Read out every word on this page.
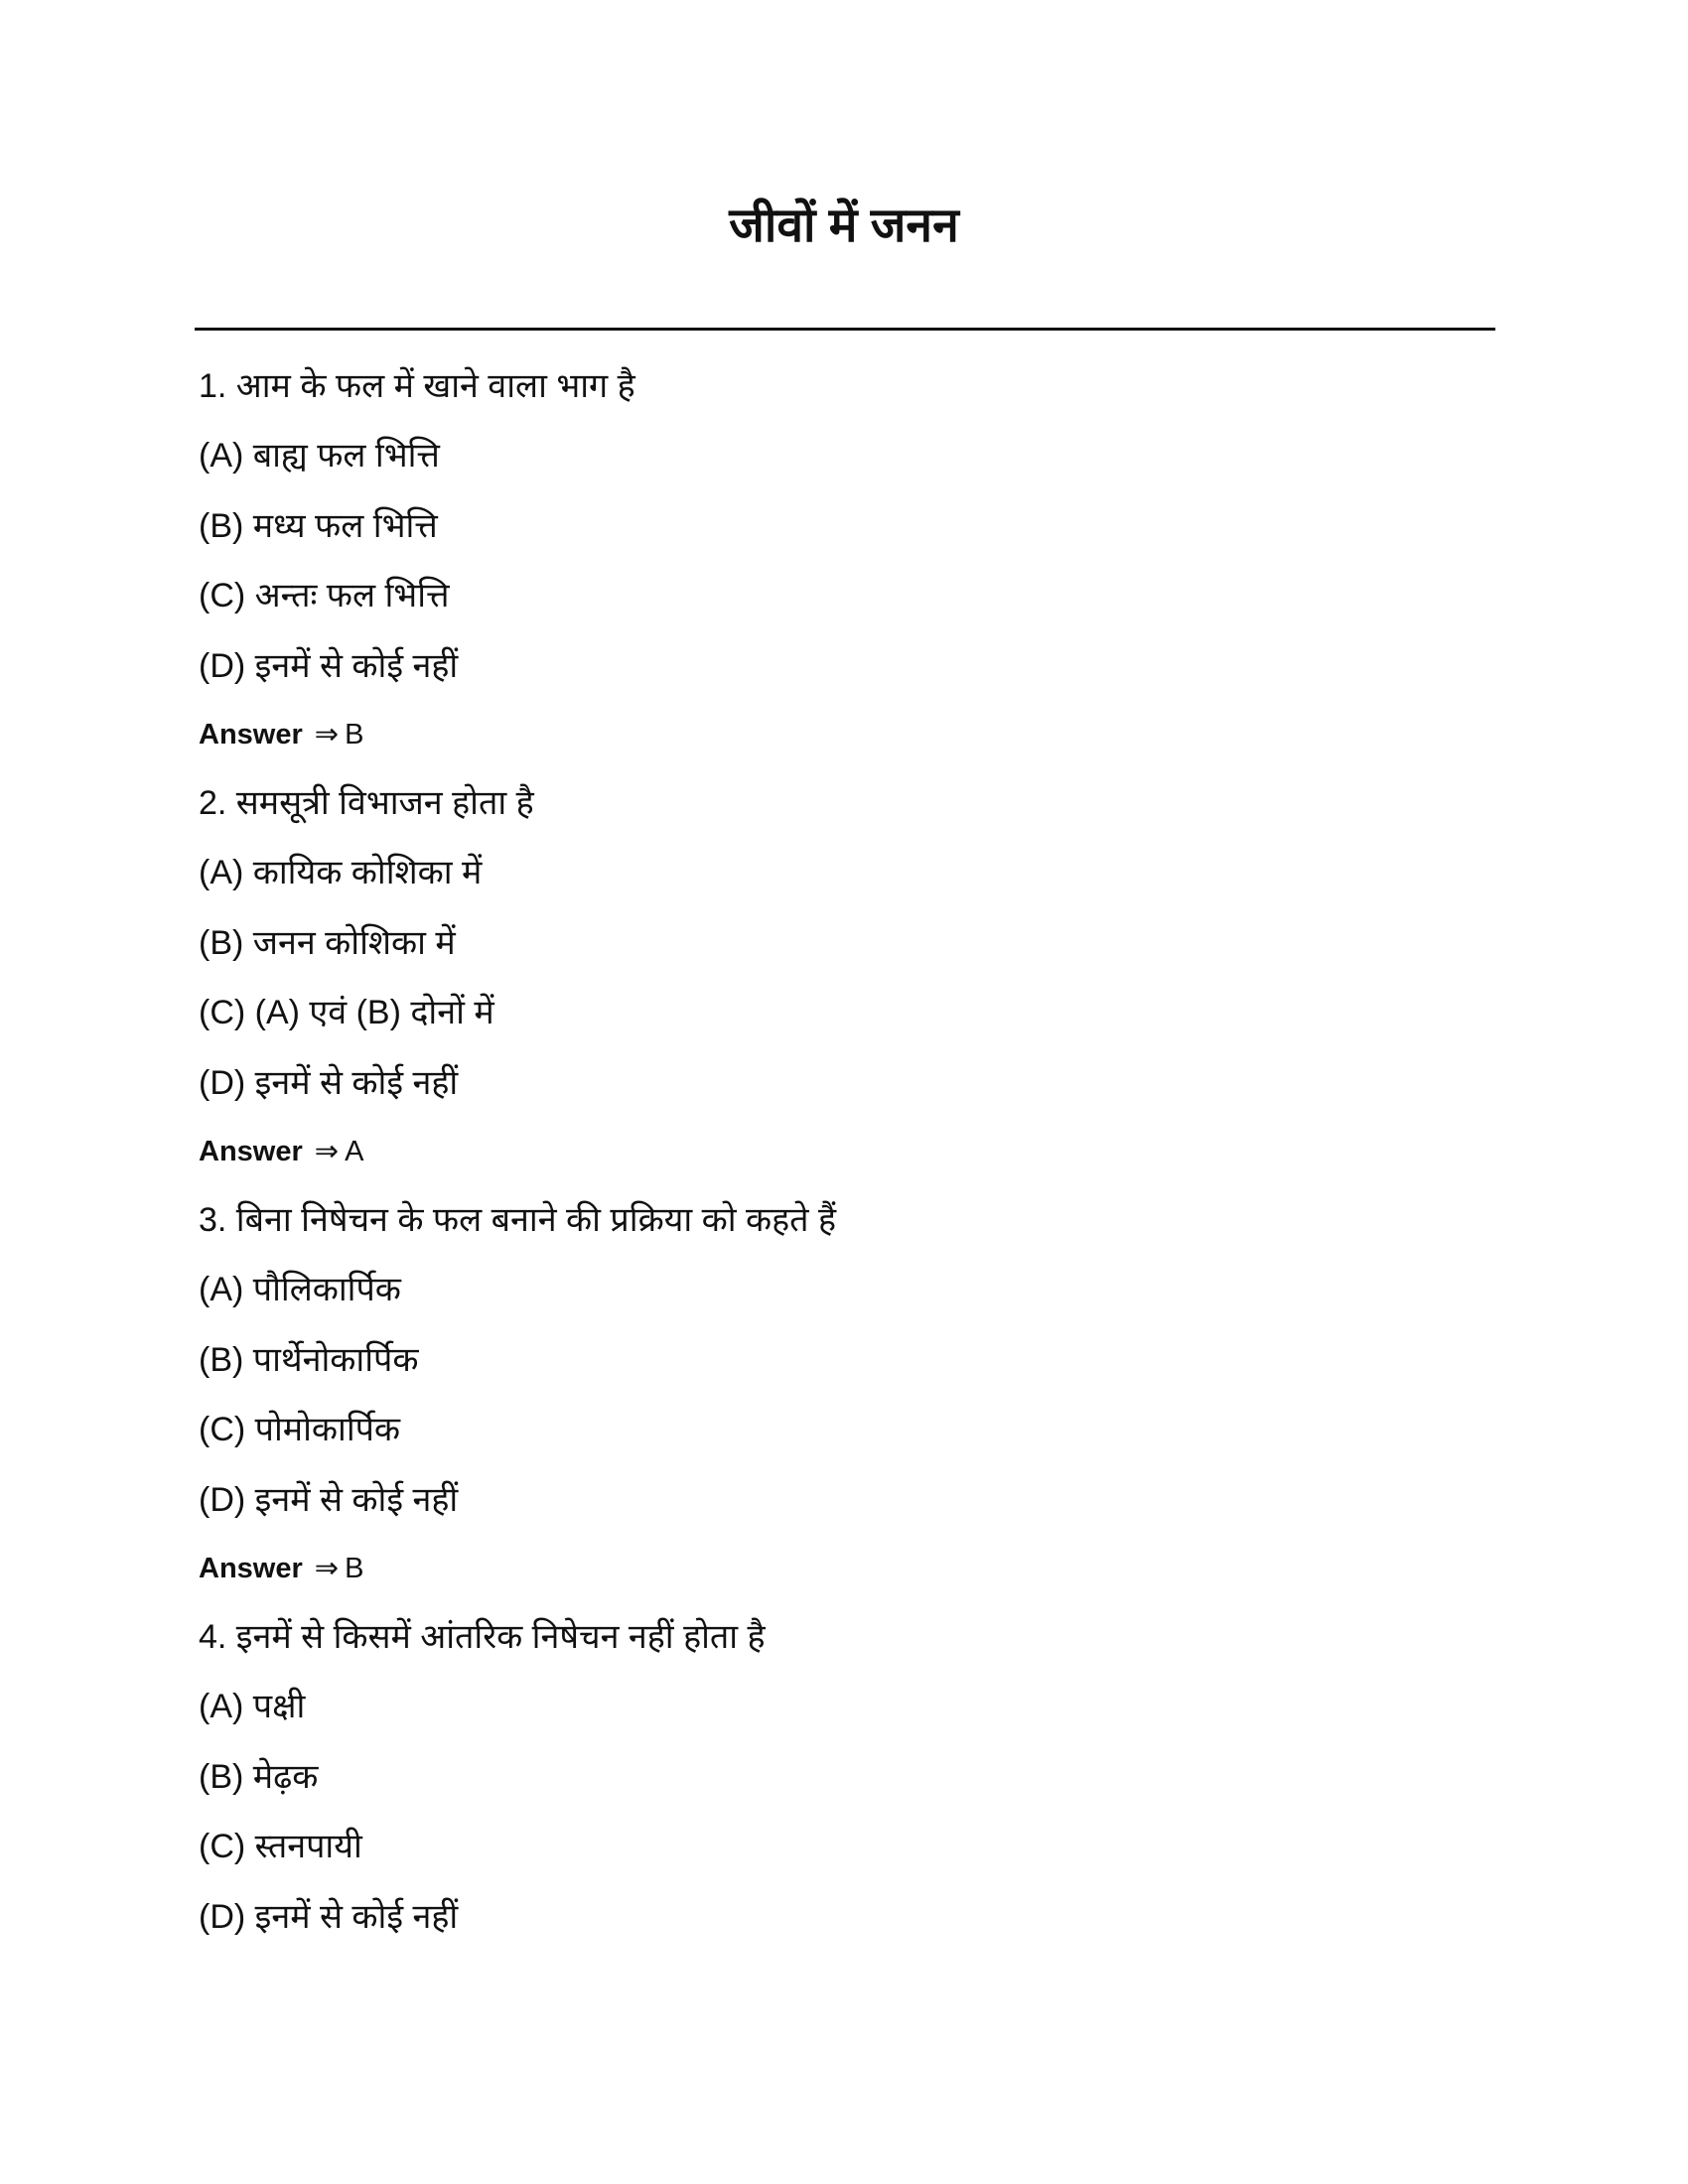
जीवों में जनन
1. आम के फल में खाने वाला भाग है
(A) बाह्य फल भित्ति
(B) मध्य फल भित्ति
(C) अन्तः फल भित्ति
(D) इनमें से कोई नहीं
Answer ⇒ B
2. समसूत्री विभाजन होता है
(A) कायिक कोशिका में
(B) जनन कोशिका में
(C) (A) एवं (B) दोनों में
(D) इनमें से कोई नहीं
Answer ⇒ A
3. बिना निषेचन के फल बनाने की प्रक्रिया को कहते हैं
(A) पौलिकार्पिक
(B) पार्थेनोकार्पिक
(C) पोमोकार्पिक
(D) इनमें से कोई नहीं
Answer ⇒ B
4. इनमें से किसमें आंतरिक निषेचन नहीं होता है
(A) पक्षी
(B) मेढ़क
(C) स्तनपायी
(D) इनमें से कोई नहीं
